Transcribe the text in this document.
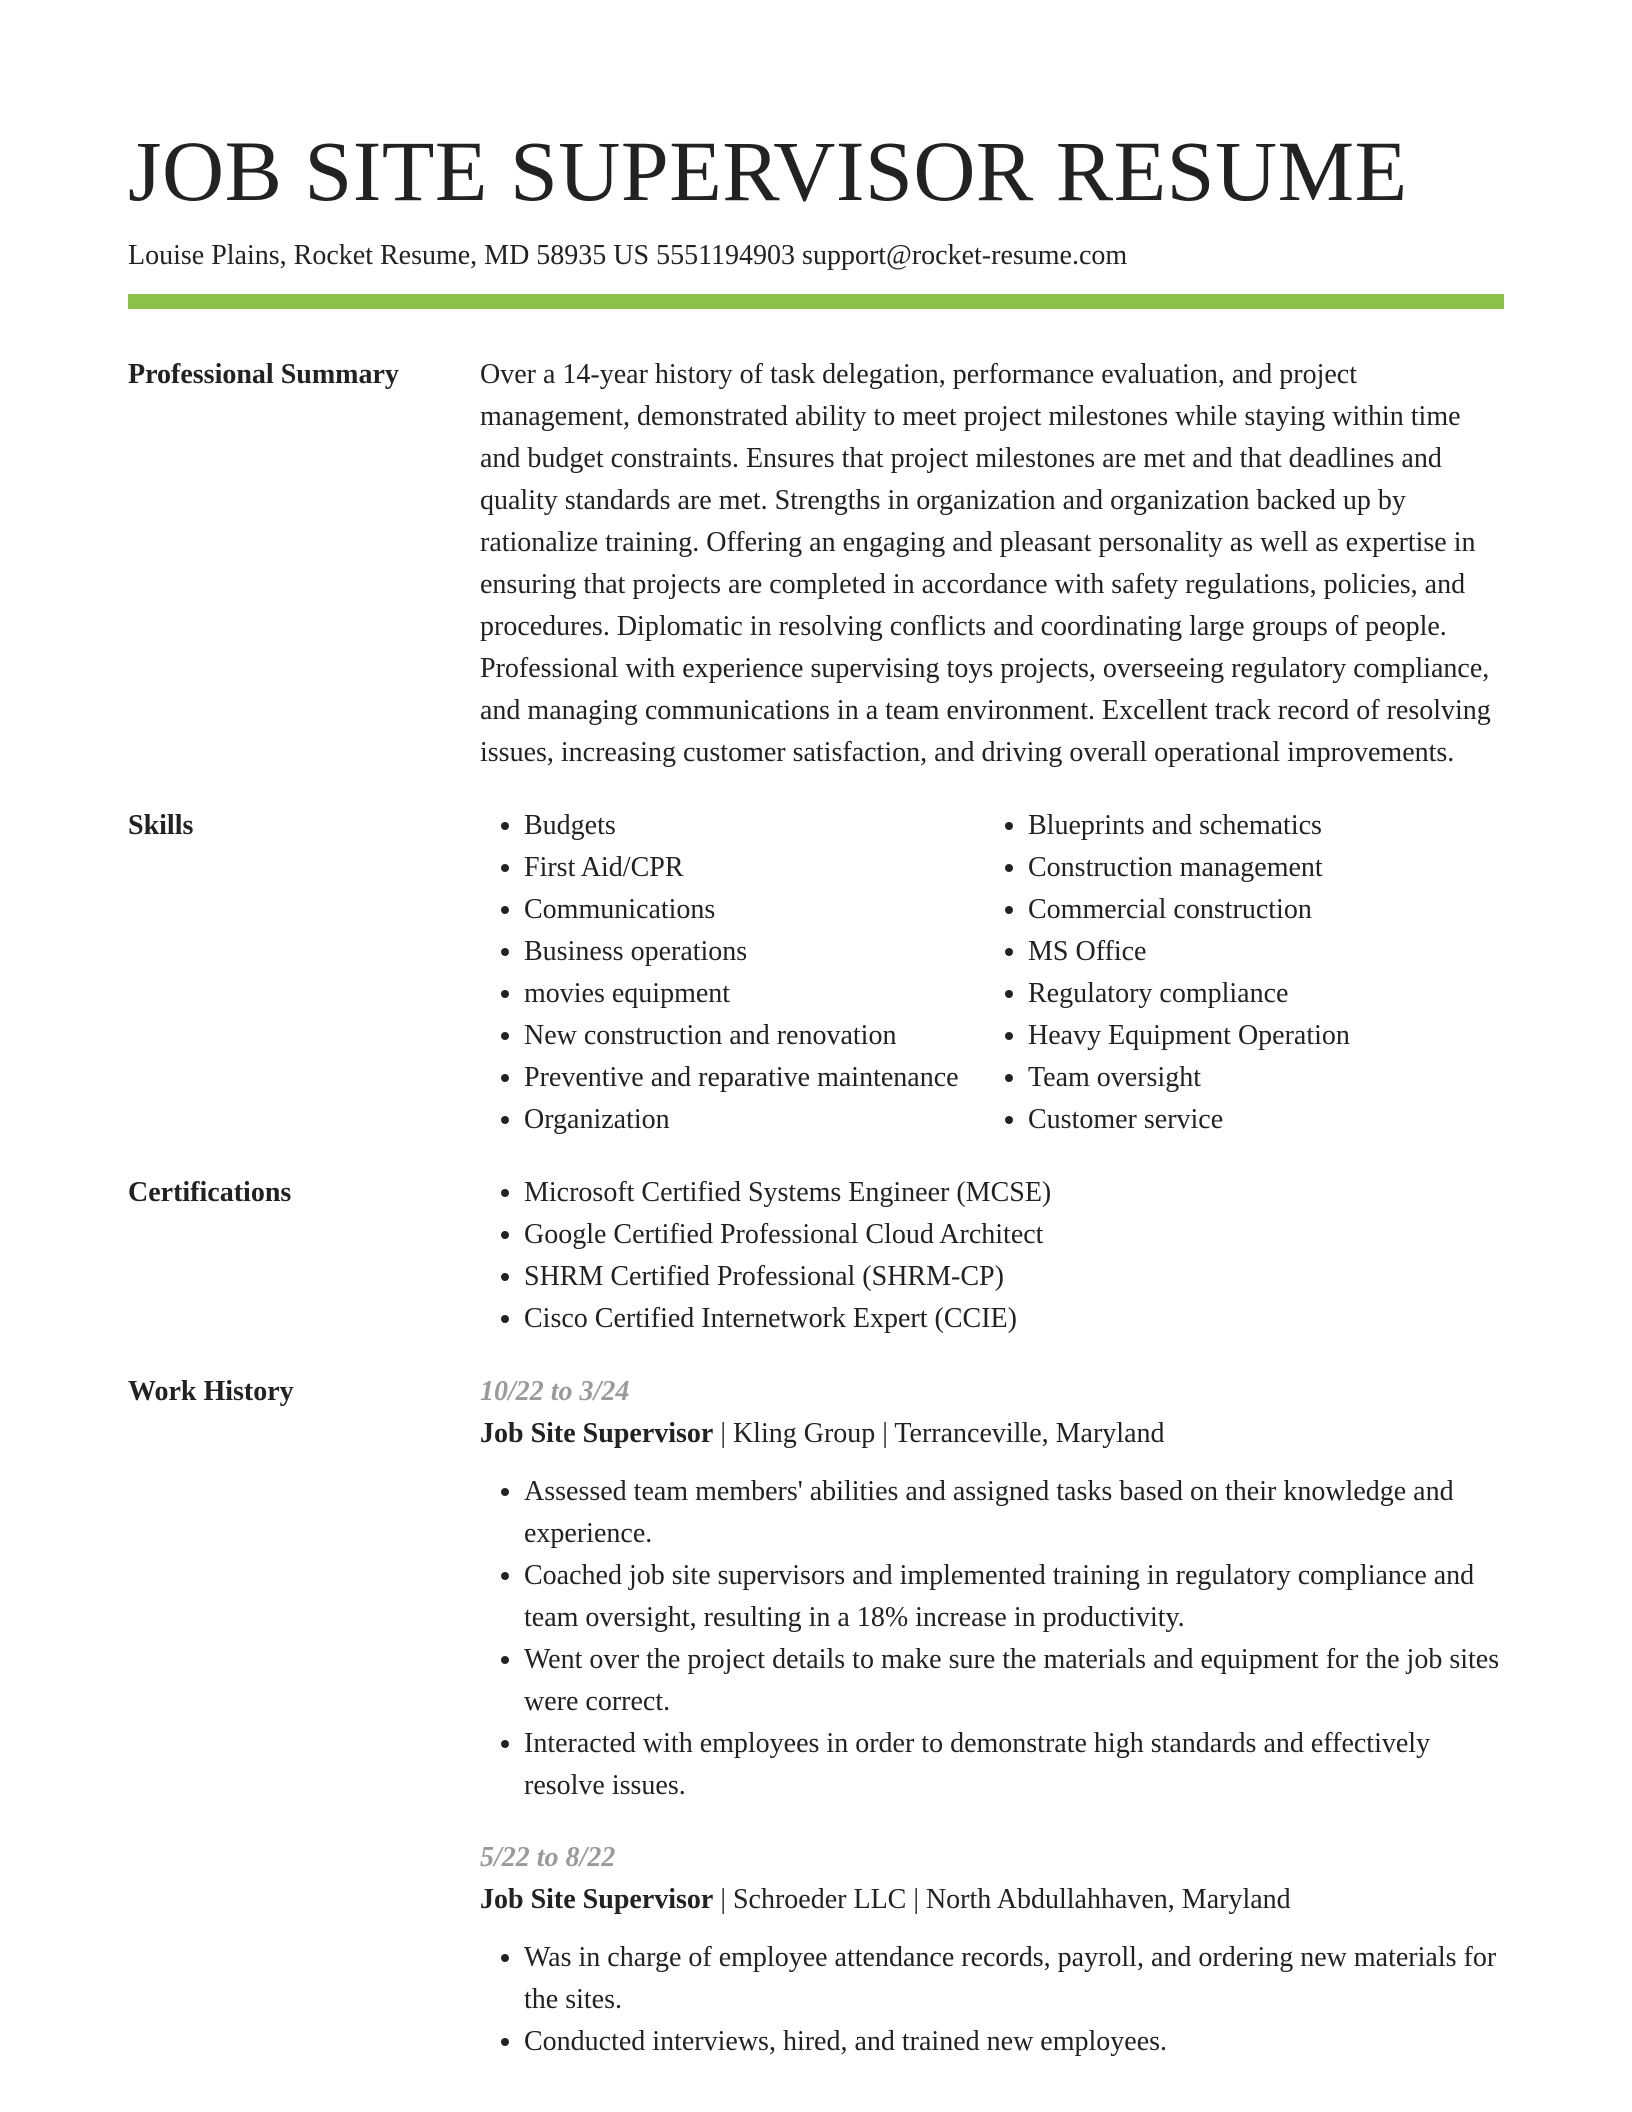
JOB SITE SUPERVISOR RESUME
Louise Plains, Rocket Resume, MD 58935 US 5551194903 support@rocket-resume.com
Professional Summary	Over a 14-year history of task delegation, performance evaluation, and project management, demonstrated ability to meet project milestones while staying within time and budget constraints. Ensures that project milestones are met and that deadlines and quality standards are met. Strengths in organization and organization backed up by rationalize training. Offering an engaging and pleasant personality as well as expertise in ensuring that projects are completed in accordance with safety regulations, policies, and procedures. Diplomatic in resolving conflicts and coordinating large groups of people. Professional with experience supervising toys projects, overseeing regulatory compliance, and managing communications in a team environment. Excellent track record of resolving issues, increasing customer satisfaction, and driving overall operational improvements.
Skills	• Budgets
• First Aid/CPR
• Communications
• Business operations
• movies equipment
• New construction and renovation
• Preventive and reparative maintenance
• Organization
• Blueprints and schematics
• Construction management
• Commercial construction
• MS Office
• Regulatory compliance
• Heavy Equipment Operation
• Team oversight
• Customer service
Certifications	• Microsoft Certified Systems Engineer (MCSE)
• Google Certified Professional Cloud Architect
• SHRM Certified Professional (SHRM-CP)
• Cisco Certified Internetwork Expert (CCIE)
Work History	10/22 to 3/24
Job Site Supervisor | Kling Group | Terranceville, Maryland
• Assessed team members' abilities and assigned tasks based on their knowledge and experience.
• Coached job site supervisors and implemented training in regulatory compliance and team oversight, resulting in a 18% increase in productivity.
• Went over the project details to make sure the materials and equipment for the job sites were correct.
• Interacted with employees in order to demonstrate high standards and effectively resolve issues.
5/22 to 8/22
Job Site Supervisor | Schroeder LLC | North Abdullahhaven, Maryland
• Was in charge of employee attendance records, payroll, and ordering new materials for the sites.
• Conducted interviews, hired, and trained new employees.
